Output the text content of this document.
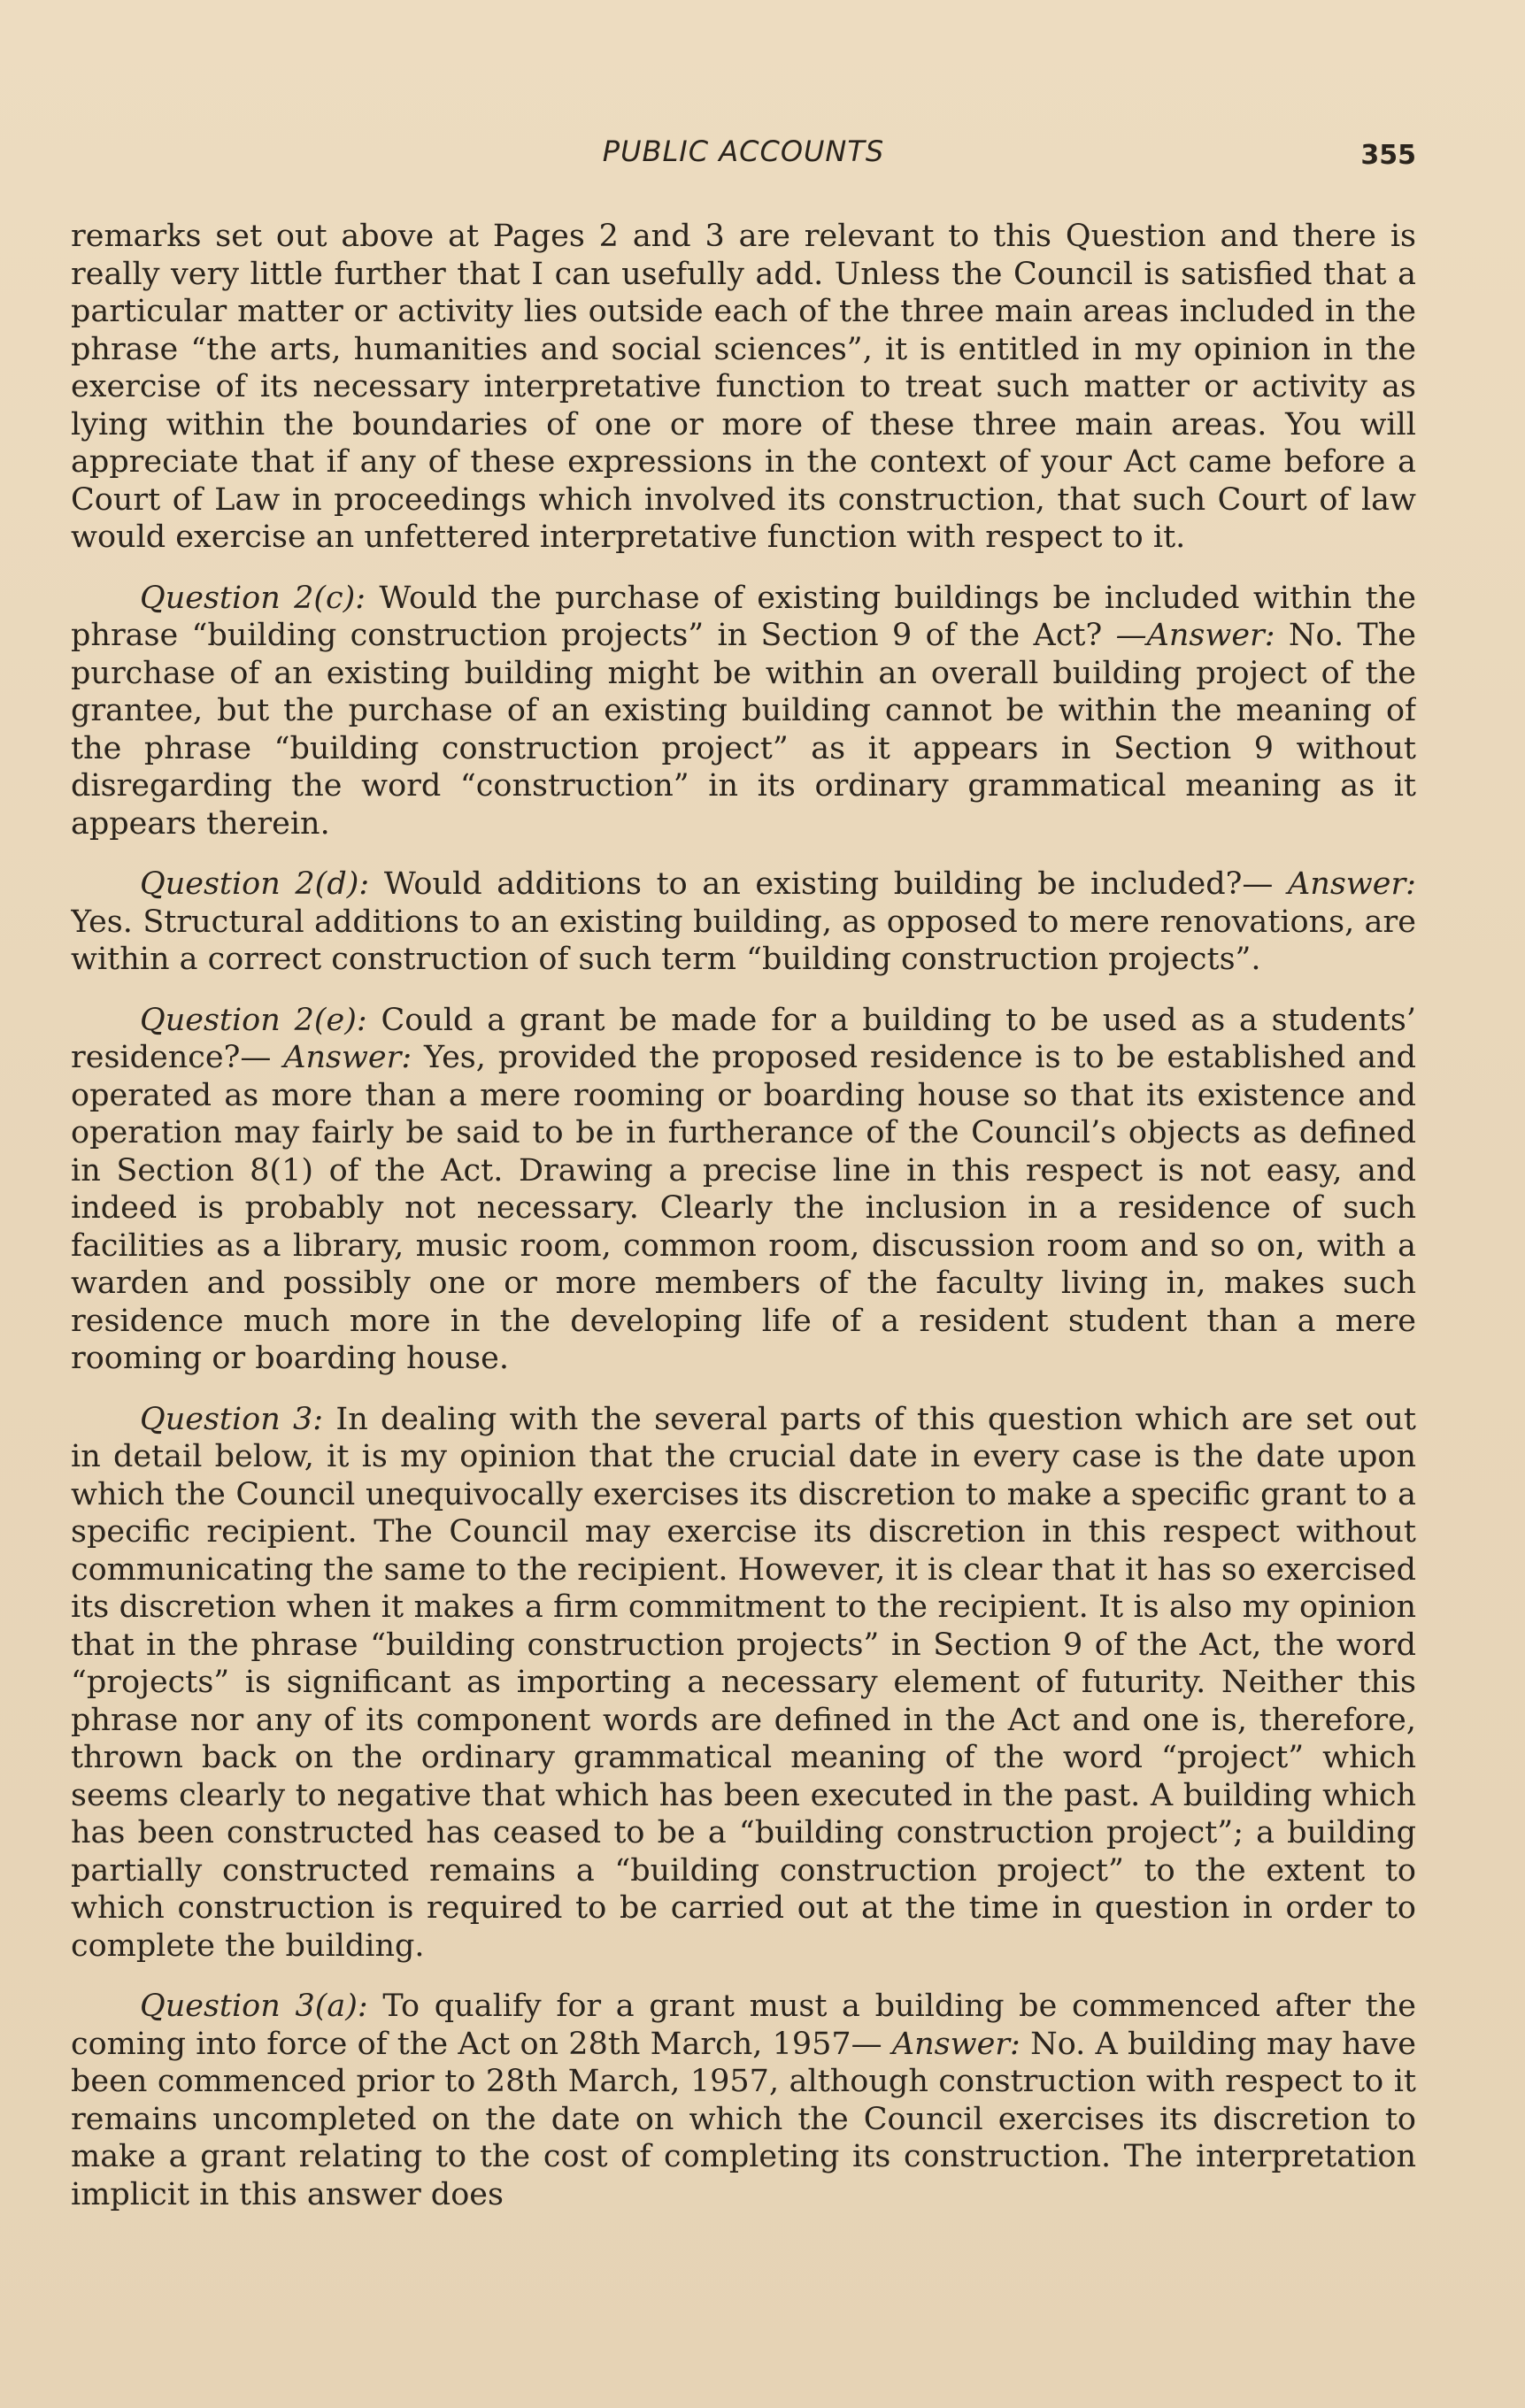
PUBLIC ACCOUNTS	355

remarks set out above at Pages 2 and 3 are relevant to this Question and there is really very little further that I can usefully add. Unless the Council is satisfied that a particular matter or activity lies outside each of the three main areas included in the phrase “the arts, humanities and social sciences”, it is entitled in my opinion in the exercise of its necessary interpretative function to treat such matter or activity as lying within the boundaries of one or more of these three main areas. You will appreciate that if any of these expressions in the context of your Act came before a Court of Law in proceedings which involved its construction, that such Court of law would exercise an unfettered interpretative function with respect to it.

Question 2(c): Would the purchase of existing buildings be included within the phrase “building construction projects” in Section 9 of the Act? —Answer: No. The purchase of an existing building might be within an overall building project of the grantee, but the purchase of an existing building cannot be within the meaning of the phrase “building construction project” as it appears in Section 9 without disregarding the word “construction” in its ordinary grammatical meaning as it appears therein.

Question 2(d): Would additions to an existing building be included?— Answer: Yes. Structural additions to an existing building, as opposed to mere renovations, are within a correct construction of such term “building construction projects”.

Question 2(e): Could a grant be made for a building to be used as a students’ residence?— Answer: Yes, provided the proposed residence is to be established and operated as more than a mere rooming or boarding house so that its existence and operation may fairly be said to be in furtherance of the Council’s objects as defined in Section 8(1) of the Act. Drawing a precise line in this respect is not easy, and indeed is probably not necessary. Clearly the inclusion in a residence of such facilities as a library, music room, common room, discussion room and so on, with a warden and possibly one or more members of the faculty living in, makes such residence much more in the developing life of a resident student than a mere rooming or boarding house.

Question 3: In dealing with the several parts of this question which are set out in detail below, it is my opinion that the crucial date in every case is the date upon which the Council unequivocally exercises its discretion to make a specific grant to a specific recipient. The Council may exercise its discretion in this respect without communicating the same to the recipient. However, it is clear that it has so exercised its discretion when it makes a firm commitment to the recipient. It is also my opinion that in the phrase “building construction projects” in Section 9 of the Act, the word “projects” is significant as importing a necessary element of futurity. Neither this phrase nor any of its component words are defined in the Act and one is, therefore, thrown back on the ordinary grammatical meaning of the word “project” which seems clearly to negative that which has been executed in the past. A building which has been constructed has ceased to be a “building construction project”; a building partially constructed remains a “building construction project” to the extent to which construction is required to be carried out at the time in question in order to complete the building.

Question 3(a): To qualify for a grant must a building be commenced after the coming into force of the Act on 28th March, 1957— Answer: No. A building may have been commenced prior to 28th March, 1957, although construction with respect to it remains uncompleted on the date on which the Council exercises its discretion to make a grant relating to the cost of completing its construction. The interpretation implicit in this answer does
